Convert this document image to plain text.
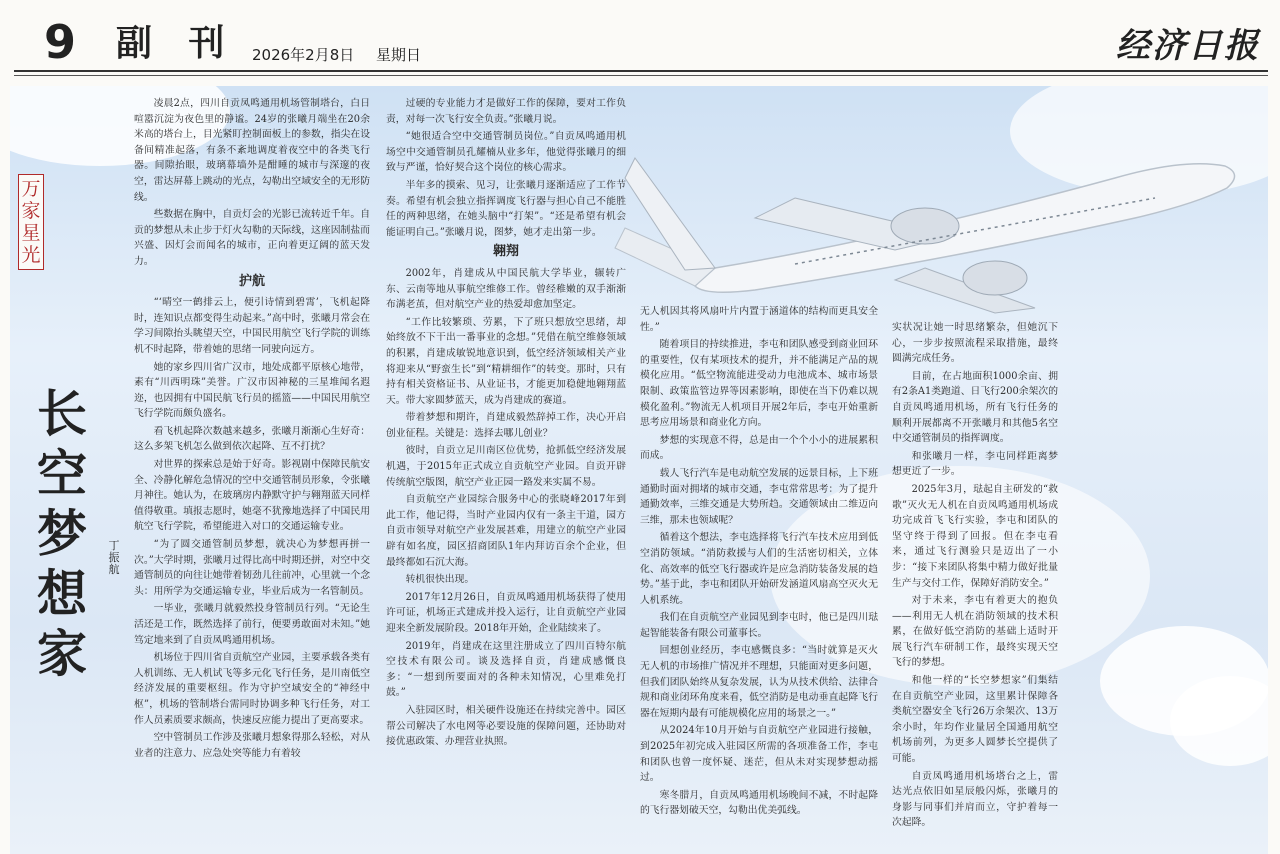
9 副 刊 2026年2月8日 星期日	经济日报
万家星光
长空梦想家
丁振航

凌晨2点，四川自贡凤鸣通用机场管制塔台，白日喧嚣沉淀为夜色里的静谧。24岁的张曦月端坐在20余米高的塔台上，目光紧盯控制面板上的参数，指尖在设备间精准起落，有条不紊地调度着夜空中的各类飞行器。间隙抬眼，玻璃幕墙外是酣睡的城市与深邃的夜空，雷达屏幕上跳动的光点，勾勒出空域安全的无形防线。

些数据在胸中，自贡灯会的光影已流转近千年。自贡的梦想从未止步于灯火勾勒的天际线，这座因制盐而兴盛、因灯会而闻名的城市，正向着更辽阔的蓝天发力。

护航

“‘晴空一鹤排云上，便引诗情到碧霄’，飞机起降时，连知识点都变得生动起来。”高中时，张曦月常会在学习间隙抬头眺望天空，中国民用航空飞行学院的训练机不时起降，带着她的思绪一同驶向远方。

她的家乡四川省广汉市，地处成都平原核心地带，素有“川西明珠”美誉。广汉市因神秘的三星堆闻名遐迩，也因拥有中国民航飞行员的摇篮——中国民用航空飞行学院而颇负盛名。

看飞机起降次数越来越多，张曦月渐渐心生好奇：这么多架飞机怎么做到依次起降、互不打扰？

对世界的探索总是始于好奇。影视剧中保障民航安全、冷静化解危急情况的空中交通管制员形象，令张曦月神往。她认为，在玻璃房内静默守护与翱翔蓝天同样值得敬重。填报志愿时，她毫不犹豫地选择了中国民用航空飞行学院，希望能进入对口的交通运输专业。

“为了圆交通管制员梦想，就决心为梦想再拼一次。”大学时期，张曦月过得比高中时期还拼，对空中交通管制员的向往让她带着韧劲儿往前冲，心里就一个念头：用所学为交通运输专业，毕业后成为一名管制员。

一毕业，张曦月就毅然投身管制员行列。“无论生活还是工作，既然选择了前行，便要勇敢面对未知。”她笃定地来到了自贡凤鸣通用机场。

机场位于四川省自贡航空产业园，主要承载各类有人机训练、无人机试飞等多元化飞行任务，是川南低空经济发展的重要枢纽。作为守护空域安全的“神经中枢”，机场的管制塔台需同时协调多种飞行任务，对工作人员素质要求颇高，快速反应能力提出了更高要求。

空中管制员工作涉及张曦月想象得那么轻松，对从业者的注意力、应急处突等能力有着较

过硬的专业能力才是做好工作的保障，要对工作负责，对每一次飞行安全负责。”张曦月说。

“她很适合空中交通管制员岗位。”自贡凤鸣通用机场空中交通管制员孔耀楠从业多年，他觉得张曦月的细致与严谨，恰好契合这个岗位的核心需求。

半年多的摸索、见习，让张曦月逐渐适应了工作节奏。希望有机会独立指挥调度飞行器与担心自己不能胜任的两种思绪，在她头脑中“打架”。“还是希望有机会能证明自己。”张曦月说，图梦，她才走出第一步。

翱翔

2002年，肖建成从中国民航大学毕业，辗转广东、云南等地从事航空维修工作。曾经稚嫩的双手渐渐布满老茧，但对航空产业的热爱却愈加坚定。

“工作比较繁琐、劳累，下了班只想放空思绪，却始终放不下干出一番事业的念想。”凭借在航空维修领域的积累，肖建成敏锐地意识到，低空经济领域相关产业将迎来从“野蛮生长”到“精耕细作”的转变。那时，只有持有相关资格证书、从业证书，才能更加稳健地翱翔蓝天。带大家圆梦蓝天，成为肖建成的赛道。

带着梦想和期许，肖建成毅然辞掉工作，决心开启创业征程。关键是：选择去哪儿创业？

彼时，自贡立足川南区位优势，抢抓低空经济发展机遇，于2015年正式成立自贡航空产业园。自贡开辟传统航空版图，航空产业正园一路发来实属不易。

自贡航空产业园综合服务中心的张晓峰2017年到此工作，他记得，当时产业园内仅有一条主干道，园方自贡市领导对航空产业发展甚难，用建立的航空产业园辟有如名度，园区招商团队1年内拜访百余个企业，但最终都如石沉大海。

转机很快出现。

2017年12月26日，自贡凤鸣通用机场获得了使用许可证，机场正式建成并投入运行，让自贡航空产业园迎来全新发展阶段。2018年开始，企业陆续来了。

2019年，肖建成在这里注册成立了四川百特尔航空技术有限公司。谈及选择自贡，肖建成感慨良多：“一想到所要面对的各种未知情况，心里难免打鼓。”

入驻园区时，相关硬件设施还在持续完善中。园区帮公司解决了水电网等必要设施的保障问题，还协助对接优惠政策、办理营业执照。

无人机因其将风扇叶片内置于涵道体的结构而更具安全性。”

随着项目的持续推进，李屯和团队感受到商业回环的重要性，仅有某项技术的提升，并不能满足产品的规模化应用。“低空物流能进受动力电池成本、城市场景限制、政策监管边界等因素影响，即使在当下仍难以规模化盈利。”物流无人机项目开展2年后，李屯开始重新思考应用场景和商业化方向。

梦想的实现意不得，总是由一个个小小的进展累积而成。

载人飞行汽车是电动航空发展的远景目标，上下班通勤时面对拥堵的城市交通，李屯常常思考：为了提升通勤效率，三维交通是大势所趋。交通领域由二维迈向三维，那未也领域呢？

循着这个想法，李屯选择将飞行汽车技术应用到低空消防领域。“消防救援与人们的生活密切相关，立体化、高效率的低空飞行器或许是应急消防装备发展的趋势。”基于此，李屯和团队开始研发涵道风扇高空灭火无人机系统。

我们在自贡航空产业园见到李屯时，他已是四川琺起智能装备有限公司董事长。

回想创业经历，李屯感慨良多：“当时就算是灭火无人机的市场推广情况并不理想，只能面对更多问题，但我们团队始终从复杂发展，认为从技术供给、法律合规和商业闭环角度来看，低空消防是电动垂直起降飞行器在短期内最有可能规模化应用的场景之一。”

从2024年10月开始与自贡航空产业园进行接触，到2025年初完成入驻园区所需的各项准备工作，李屯和团队也曾一度怀疑、迷茫，但从未对实现梦想动摇过。

寒冬腊月，自贡凤鸣通用机场晚间不减，不时起降的飞行器划破天空，勾勒出优美弧线。

实状况让她一时思绪繁杂，但她沉下心，一步步按照流程采取措施，最终圆满完成任务。

目前，在占地面积1000余亩、拥有2条A1类跑道、日飞行200余架次的自贡凤鸣通用机场，所有飞行任务的顺利开展都离不开张曦月和其他5名空中交通管制员的指挥调度。

和张曦月一样，李屯同样距离梦想更近了一步。

2025年3月，琺起自主研发的“救歌”灭火无人机在自贡凤鸣通用机场成功完成首飞飞行实验，李屯和团队的坚守终于得到了回报。但在李屯看来，通过飞行测验只是迈出了一小步：“接下来团队将集中精力做好批量生产与交付工作，保障好消防安全。”

对于未来，李屯有着更大的抱负——利用无人机在消防领域的技术积累，在做好低空消防的基础上适时开展飞行汽车研制工作，最终实现天空飞行的梦想。

和他一样的“长空梦想家”们集结在自贡航空产业园，这里累计保障各类航空器安全飞行26万余架次、13万余小时，年均作业量居全国通用航空机场前列，为更多人圆梦长空提供了可能。

自贡凤鸣通用机场塔台之上，雷达光点依旧如星辰般闪烁，张曦月的身影与同事们并肩而立，守护着每一次起降。
